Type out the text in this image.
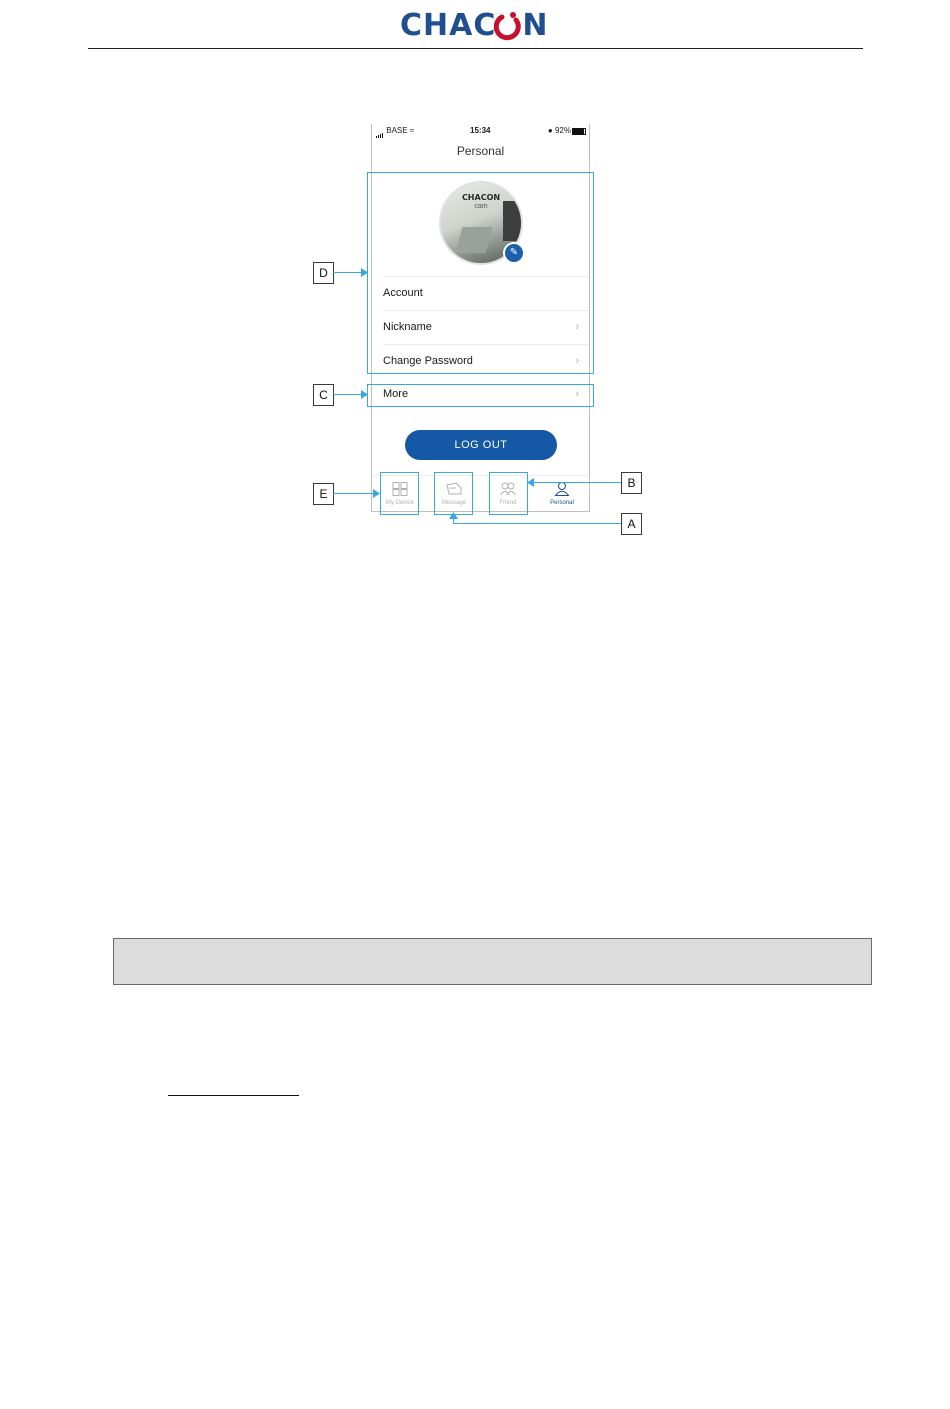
CHAC N
BASE ≈	15:34	● 92%
Personal
CHACON
cam
✎
Account
Nickname	›
Change Password	›
More	›
LOG OUT
My Device	Message	Friend	Personal
D
C
E
B
A
